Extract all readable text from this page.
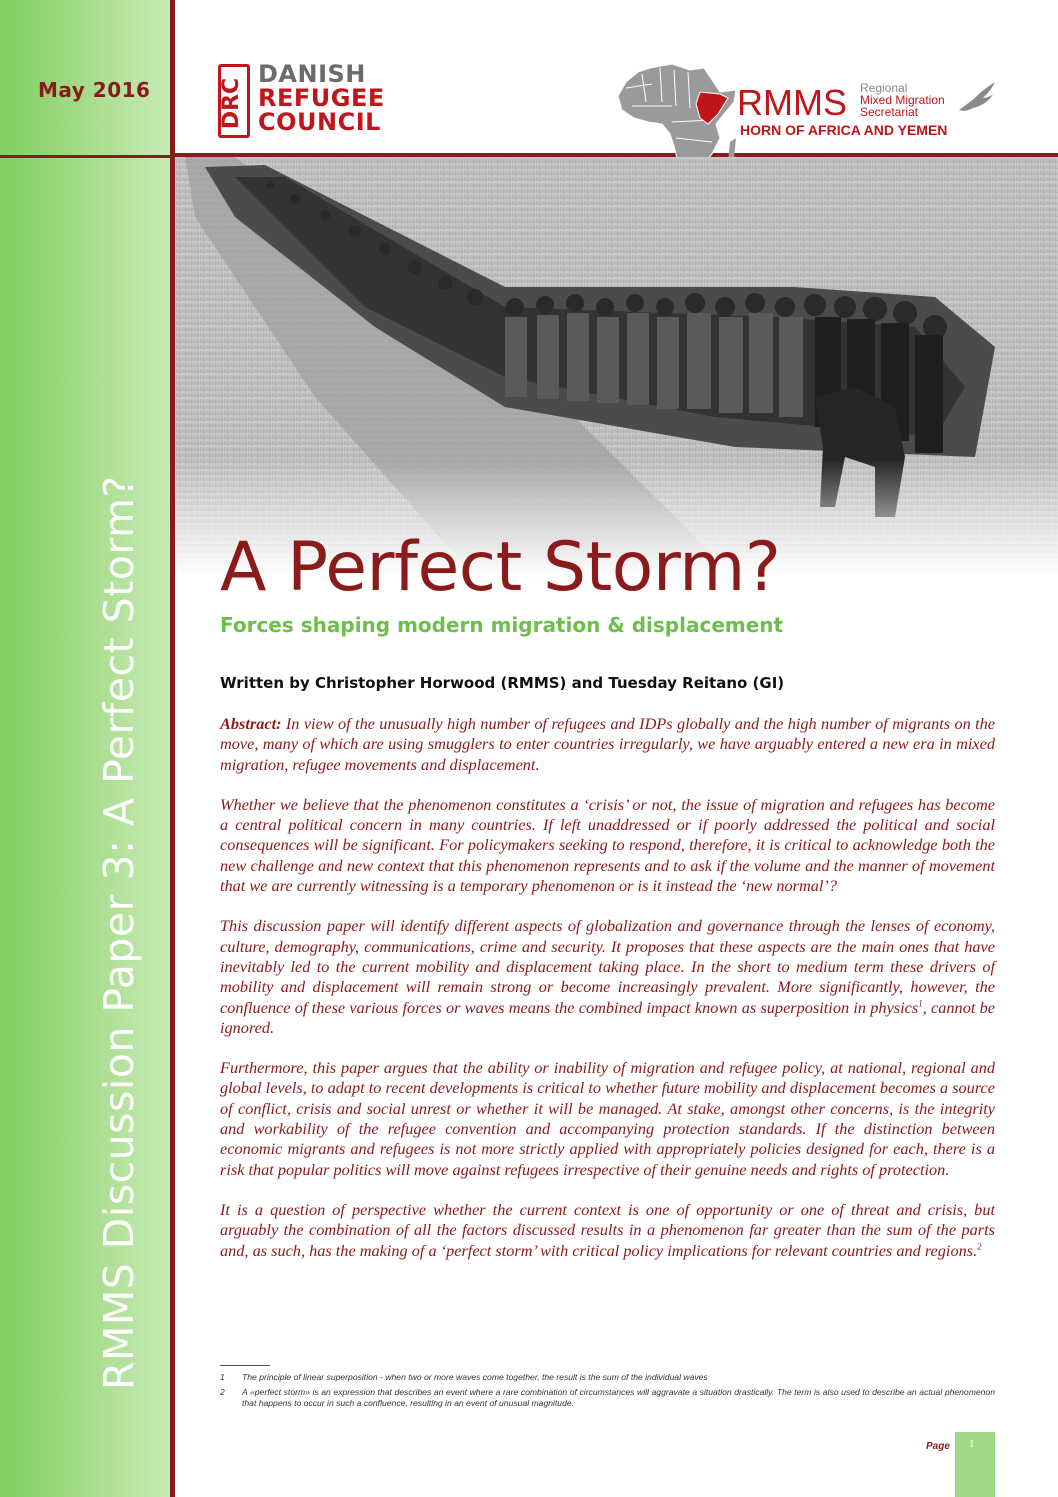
May 2016
RMMS Discussion Paper 3: A Perfect Storm?
DRC
DANISH
REFUGEE
COUNCIL	RMMS Regional
Mixed Migration
Secretariat
HORN OF AFRICA AND YEMEN
A Perfect Storm?
Forces shaping modern migration & displacement
Written by Christopher Horwood (RMMS) and Tuesday Reitano (GI)

Abstract: In view of the unusually high number of refugees and IDPs globally and the high number of migrants on the move, many of which are using smugglers to enter countries irregularly, we have arguably entered a new era in mixed migration, refugee movements and displacement.

Whether we believe that the phenomenon constitutes a ‘crisis’ or not, the issue of migration and refugees has become a central political concern in many countries. If left unaddressed or if poorly addressed the political and social consequences will be significant. For policymakers seeking to respond, therefore, it is critical to acknowledge both the new challenge and new context that this phenomenon represents and to ask if the volume and the manner of movement that we are currently witnessing is a temporary phenomenon or is it instead the ‘new normal’?

This discussion paper will identify different aspects of globalization and governance through the lenses of economy, culture, demography, communications, crime and security. It proposes that these aspects are the main ones that have inevitably led to the current mobility and displacement taking place. In the short to medium term these drivers of mobility and displacement will remain strong or become increasingly prevalent. More significantly, however, the confluence of these various forces or waves means the combined impact known as superposition in physics$^1$, cannot be ignored.

Furthermore, this paper argues that the ability or inability of migration and refugee policy, at national, regional and global levels, to adapt to recent developments is critical to whether future mobility and displacement becomes a source of conflict, crisis and social unrest or whether it will be managed. At stake, amongst other concerns, is the integrity and workability of the refugee convention and accompanying protection standards. If the distinction between economic migrants and refugees is not more strictly applied with appropriately policies designed for each, there is a risk that popular politics will move against refugees irrespective of their genuine needs and rights of protection.

It is a question of perspective whether the current context is one of opportunity or one of threat and crisis, but arguably the combination of all the factors discussed results in a phenomenon far greater than the sum of the parts and, as such, has the making of a ‘perfect storm’ with critical policy implications for relevant countries and regions.$^2$

1	The principle of linear superposition - when two or more waves come together, the result is the sum of the individual waves
2	A «perfect storm» is an expression that describes an event where a rare combination of circumstances will aggravate a situation drastically. The term is also used to describe an actual phenomenon that happens to occur in such a confluence, resulting in an event of unusual magnitude.
Page 1
